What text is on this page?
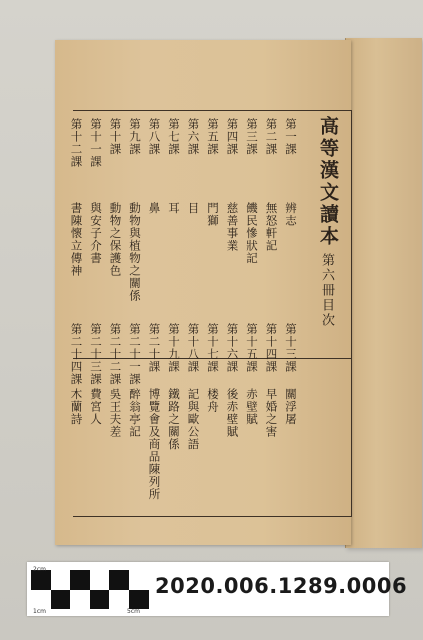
高等漢文讀本
第六冊目次
第一課
辨志
第二課
無怒軒記
第三課
饑民慘狀記
第四課
慈善事業
第五課
門獅
第六課
目
第七課
耳
第八課
鼻
第九課
動物與植物之關係
第十課
動物之保護色
第十一課
與安子介書
第十二課
書陳懷立傳神
第十三課
關浮屠
第十四課
早婚之害
第十五課
赤壁賦
第十六課
後赤壁賦
第十七課
楼舟
第十八課
記與歐公語
第十九課
鐵路之關係
第二十課
博覽會及商品陳列所
第二十一課
醉翁亭記
第二十二課
吳王夫差
第二十三課
費宮人
第二十四課
木蘭詩
2cm
1cm	5cm
2020.006.1289.0006
